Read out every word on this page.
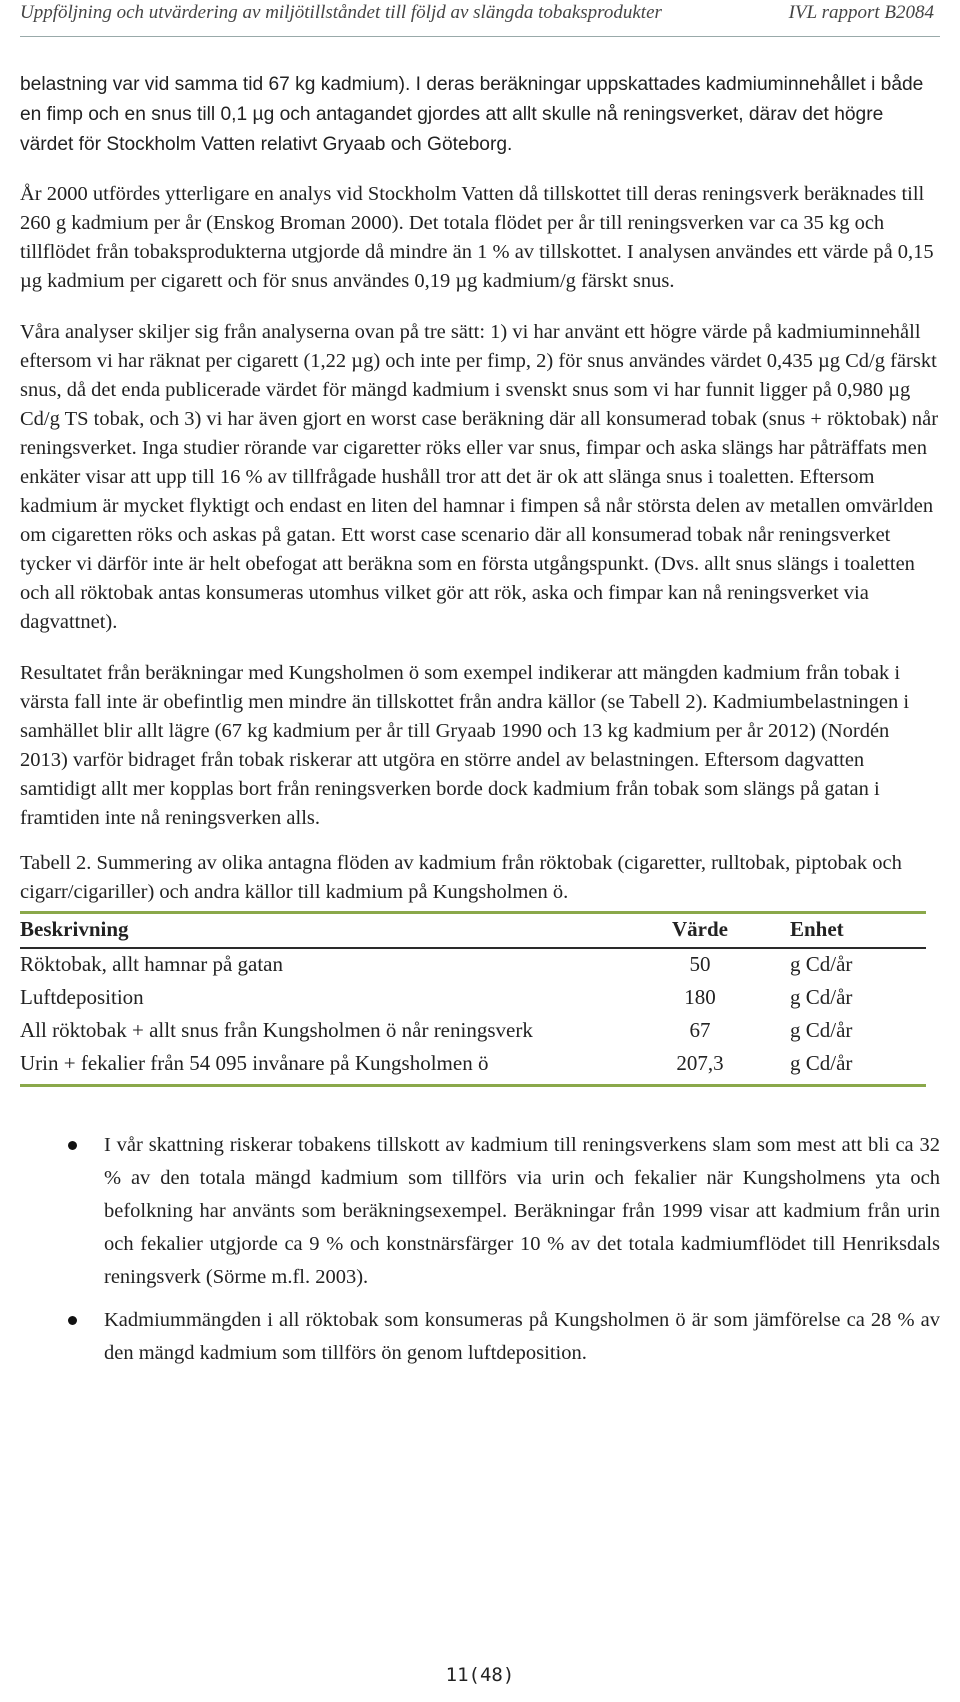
Uppföljning och utvärdering av miljötillståndet till följd av slängda tobaksprodukter	IVL rapport B2084

belastning var vid samma tid 67 kg kadmium). I deras beräkningar uppskattades kadmiuminnehållet i både en fimp och en snus till 0,1 µg och antagandet gjordes att allt skulle nå reningsverket, därav det högre värdet för Stockholm Vatten relativt Gryaab och Göteborg.

År 2000 utfördes ytterligare en analys vid Stockholm Vatten då tillskottet till deras reningsverk beräknades till 260 g kadmium per år (Enskog Broman 2000). Det totala flödet per år till reningsverken var ca 35 kg och tillflödet från tobaksprodukterna utgjorde då mindre än 1 % av tillskottet. I analysen användes ett värde på 0,15 µg kadmium per cigarett och för snus användes 0,19 µg kadmium/g färskt snus.

Våra analyser skiljer sig från analyserna ovan på tre sätt: 1) vi har använt ett högre värde på kadmiuminnehåll eftersom vi har räknat per cigarett (1,22 µg) och inte per fimp, 2) för snus användes värdet 0,435 µg Cd/g färskt snus, då det enda publicerade värdet för mängd kadmium i svenskt snus som vi har funnit ligger på 0,980 µg Cd/g TS tobak, och 3) vi har även gjort en worst case beräkning där all konsumerad tobak (snus + röktobak) når reningsverket. Inga studier rörande var cigaretter röks eller var snus, fimpar och aska slängs har påträffats men enkäter visar att upp till 16 % av tillfrågade hushåll tror att det är ok att slänga snus i toaletten. Eftersom kadmium är mycket flyktigt och endast en liten del hamnar i fimpen så når största delen av metallen omvärlden om cigaretten röks och askas på gatan. Ett worst case scenario där all konsumerad tobak når reningsverket tycker vi därför inte är helt obefogat att beräkna som en första utgångspunkt. (Dvs. allt snus slängs i toaletten och all röktobak antas konsumeras utomhus vilket gör att rök, aska och fimpar kan nå reningsverket via dagvattnet).

Resultatet från beräkningar med Kungsholmen ö som exempel indikerar att mängden kadmium från tobak i värsta fall inte är obefintlig men mindre än tillskottet från andra källor (se Tabell 2). Kadmiumbelastningen i samhället blir allt lägre (67 kg kadmium per år till Gryaab 1990 och 13 kg kadmium per år 2012) (Nordén 2013) varför bidraget från tobak riskerar att utgöra en större andel av belastningen. Eftersom dagvatten samtidigt allt mer kopplas bort från reningsverken borde dock kadmium från tobak som slängs på gatan i framtiden inte nå reningsverken alls.

Tabell 2. Summering av olika antagna flöden av kadmium från röktobak (cigaretter, rulltobak, piptobak och cigarr/cigariller) och andra källor till kadmium på Kungsholmen ö.

Beskrivning	Värde	Enhet
Röktobak, allt hamnar på gatan	50	g Cd/år
Luftdeposition	180	g Cd/år
All röktobak + allt snus från Kungsholmen ö når reningsverk	67	g Cd/år
Urin + fekalier från 54 095 invånare på Kungsholmen ö	207,3	g Cd/år
I vår skattning riskerar tobakens tillskott av kadmium till reningsverkens slam som mest att bli ca 32 % av den totala mängd kadmium som tillförs via urin och fekalier när Kungsholmens yta och befolkning har använts som beräkningsexempel. Beräkningar från 1999 visar att kadmium från urin och fekalier utgjorde ca 9 % och konstnärsfärger 10 % av det totala kadmiumflödet till Henriksdals reningsverk (Sörme m.fl. 2003).
Kadmiummängden i all röktobak som konsumeras på Kungsholmen ö är som jämförelse ca 28 % av den mängd kadmium som tillförs ön genom luftdeposition.
11(48)
